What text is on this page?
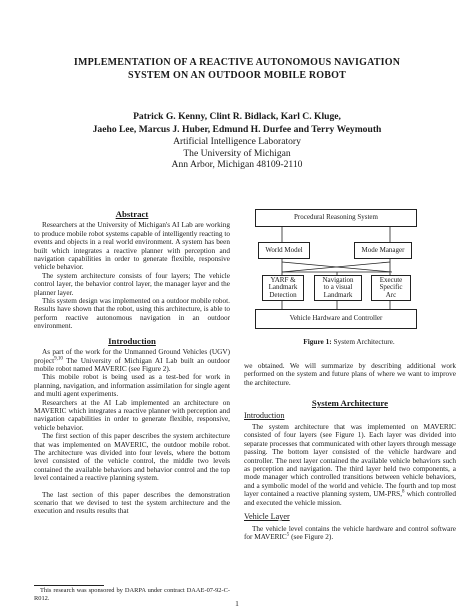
IMPLEMENTATION OF A REACTIVE AUTONOMOUS NAVIGATION
SYSTEM ON AN OUTDOOR MOBILE ROBOT
Patrick G. Kenny, Clint R. Bidlack, Karl C. Kluge,
Jaeho Lee, Marcus J. Huber, Edmund H. Durfee and Terry Weymouth
Artificial Intelligence Laboratory
The University of Michigan
Ann Arbor, Michigan 48109-2110

Abstract

Researchers at the University of Michigan's AI Lab are working to produce mobile robot systems capable of intelligently reacting to events and objects in a real world environment. A system has been built which integrates a reactive planner with perception and navigation capabilities in order to generate flexible, responsive vehicle behavior.

The system architecture consists of four layers; The vehicle control layer, the behavior control layer, the manager layer and the planner layer.

This system design was implemented on a outdoor mobile robot. Results have shown that the robot, using this architecture, is able to perform reactive autonomous navigation in an outdoor environment.

Introduction

As part of the work for the Unmanned Ground Vehicles (UGV) project$^{9,10}$ The University of Michigan AI Lab built an outdoor mobile robot named MAVERIC (see Figure 2).

This mobile robot is being used as a test-bed for work in planning, navigation, and information assimilation for single agent and multi agent experiments.

Researchers at the AI Lab implemented an architecture on MAVERIC which integrates a reactive planner with perception and navigation capabilities in order to generate flexible, responsive, vehicle behavior.

The first section of this paper describes the system architecture that was implemented on MAVERIC, the outdoor mobile robot. The architecture was divided into four levels, where the bottom level consisted of the vehicle control, the middle two levels contained the available behaviors and behavior control and the top level contained a reactive planning system.

The last section of this paper describes the demonstration scenario that we devised to test the system architecture and the execution and results results that

This research was sponsored by DARPA under contract DAAE-07-92-C-R012.
Procedural Reasoning System
World Model	Mode Manager
YARF &
Landmark
Detection
Navigation
to a visual
Landmark
Execute
Specific
Arc
Vehicle Hardware and Controller
Figure 1: System Architecture.

we obtained. We will summarize by describing additional work performed on the system and future plans of where we want to improve the architecture.

System Architecture

Introduction

The system architecture that was implemented on MAVERIC consisted of four layers (see Figure 1). Each layer was divided into separate processes that communicated with other layers through message passing. The bottom layer consisted of the vehicle hardware and controller. The next layer contained the available vehicle behaviors such as perception and navigation. The third layer held two components, a mode manager which controlled transitions between vehicle behaviors, and a symbolic model of the world and vehicle. The fourth and top most layer contained a reactive planning system, UM-PRS,$^8$ which controlled and executed the vehicle mission.

Vehicle Layer

The vehicle level contains the vehicle hardware and control software for MAVERIC$^5$ (see Figure 2).

1
